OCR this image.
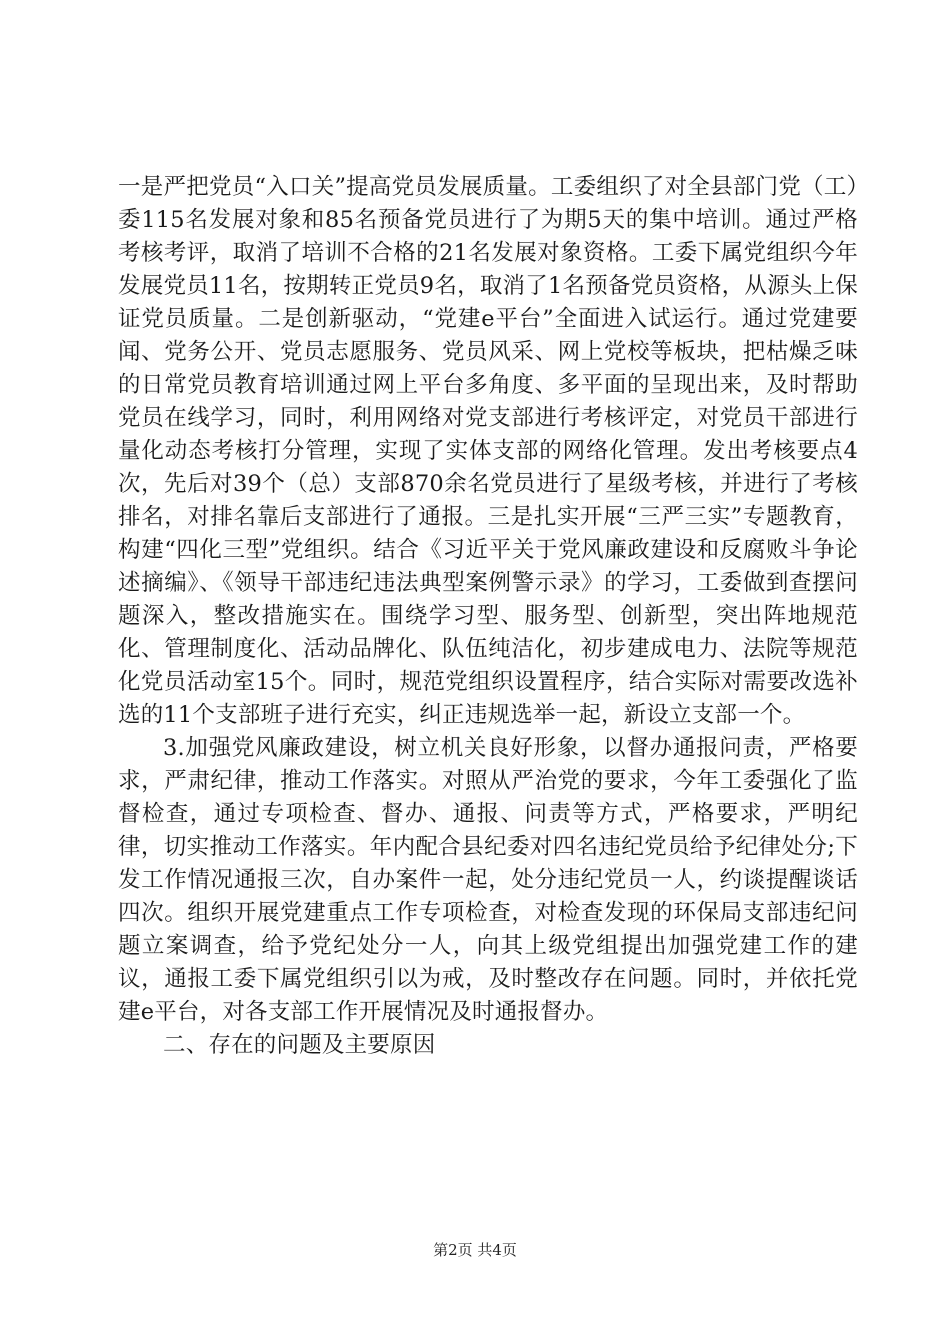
一是严把党员“入口关”提高党员发展质量。工委组织了对全县部门党（工）委115名发展对象和85名预备党员进行了为期5天的集中培训。通过严格考核考评，取消了培训不合格的21名发展对象资格。工委下属党组织今年发展党员11名，按期转正党员9名，取消了1名预备党员资格，从源头上保证党员质量。二是创新驱动，“党建e平台”全面进入试运行。通过党建要闻、党务公开、党员志愿服务、党员风采、网上党校等板块，把枯燥乏味的日常党员教育培训通过网上平台多角度、多平面的呈现出来，及时帮助党员在线学习，同时，利用网络对党支部进行考核评定，对党员干部进行量化动态考核打分管理，实现了实体支部的网络化管理。发出考核要点4次，先后对39个（总）支部870余名党员进行了星级考核，并进行了考核排名，对排名靠后支部进行了通报。三是扎实开展“三严三实”专题教育，构建“四化三型”党组织。结合《习近平关于党风廉政建设和反腐败斗争论述摘编》、《领导干部违纪违法典型案例警示录》的学习，工委做到查摆问题深入，整改措施实在。围绕学习型、服务型、创新型，突出阵地规范化、管理制度化、活动品牌化、队伍纯洁化，初步建成电力、法院等规范化党员活动室15个。同时，规范党组织设置程序，结合实际对需要改选补选的11个支部班子进行充实，纠正违规选举一起，新设立支部一个。

3.加强党风廉政建设，树立机关良好形象，以督办通报问责，严格要求，严肃纪律，推动工作落实。对照从严治党的要求，今年工委强化了监督检查，通过专项检查、督办、通报、问责等方式，严格要求，严明纪律，切实推动工作落实。年内配合县纪委对四名违纪党员给予纪律处分;下发工作情况通报三次，自办案件一起，处分违纪党员一人，约谈提醒谈话四次。组织开展党建重点工作专项检查，对检查发现的环保局支部违纪问题立案调查，给予党纪处分一人，向其上级党组提出加强党建工作的建议，通报工委下属党组织引以为戒，及时整改存在问题。同时，并依托党建e平台，对各支部工作开展情况及时通报督办。

二、存在的问题及主要原因

第2页 共4页
